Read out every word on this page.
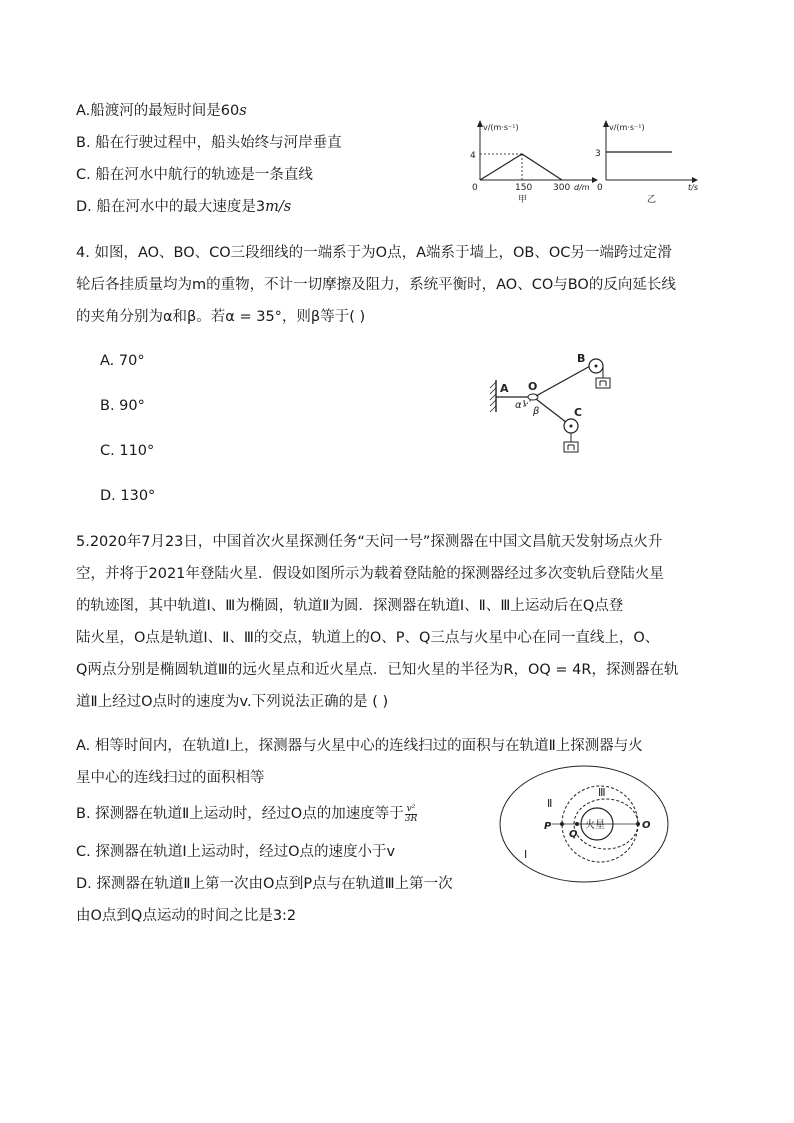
A.船渡河的最短时间是60s
B. 船在行驶过程中，船头始终与河岸垂直
C. 船在河水中航行的轨迹是一条直线
D. 船在河水中的最大速度是3m/s
v/(m·s⁻¹)
4
0	150 300 d/m
甲
v/(m·s⁻¹)
3
0	t/s
乙
4. 如图，AO、BO、CO三段细线的一端系于为O点，A端系于墙上，OB、OC另一端跨过定滑
轮后各挂质量均为m的重物，不计一切摩擦及阻力，系统平衡时，AO、CO与BO的反向延长线
的夹角分别为α和β。若α = 35°，则β等于( )
A. 70°
B. 90°
C. 110°
D. 130°
A O
α
β
B
C
5.2020年7月23日，中国首次火星探测任务“天问一号”探测器在中国文昌航天发射场点火升
空，并将于2021年登陆火星．假设如图所示为载着登陆舱的探测器经过多次变轨后登陆火星
的轨迹图，其中轨道Ⅰ、Ⅲ为椭圆，轨道Ⅱ为圆．探测器在轨道Ⅰ、Ⅱ、Ⅲ上运动后在Q点登
陆火星，O点是轨道Ⅰ、Ⅱ、Ⅲ的交点，轨道上的O、P、Q三点与火星中心在同一直线上，O、
Q两点分别是椭圆轨道Ⅲ的远火星点和近火星点．已知火星的半径为R，OQ = 4R，探测器在轨
道Ⅱ上经过O点时的速度为v.下列说法正确的是 ( )
A. 相等时间内，在轨道Ⅰ上，探测器与火星中心的连线扫过的面积与在轨道Ⅱ上探测器与火
星中心的连线扫过的面积相等
B. 探测器在轨道Ⅱ上运动时，经过O点的加速度等于 $\frac{\text{v²}}{3R}$
C. 探测器在轨道Ⅰ上运动时，经过O点的速度小于v
D. 探测器在轨道Ⅱ上第一次由O点到P点与在轨道Ⅲ上第一次
由O点到Q点运动的时间之比是3:2
火星
P
Q
O
Ⅰ
Ⅱ
Ⅲ
